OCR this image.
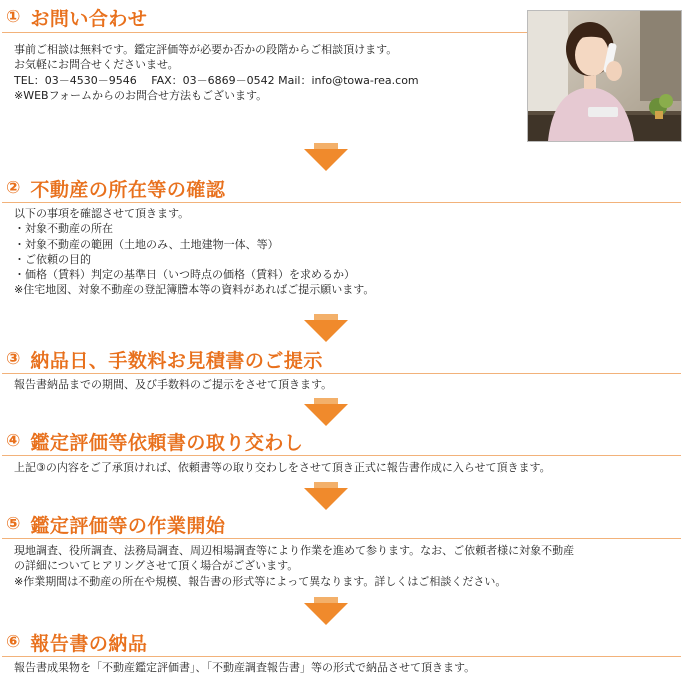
① お問い合わせ

事前ご相談は無料です。鑑定評価等が必要か否かの段階からご相談頂けます。

お気軽にお問合せくださいませ。

TEL：03－4530－9546　 FAX：03－6869－0542 Mail：info@towa-rea.com

※WEBフォームからのお問合せ方法もございます。

② 不動産の所在等の確認

以下の事項を確認させて頂きます。

・対象不動産の所在

・対象不動産の範囲（土地のみ、土地建物一体、等）

・ご依頼の目的

・価格（賃料）判定の基準日（いつ時点の価格（賃料）を求めるか）

※住宅地図、対象不動産の登記簿謄本等の資料があればご提示願います。

③ 納品日、手数料お見積書のご提示

報告書納品までの期間、及び手数料のご提示をさせて頂きます。

④ 鑑定評価等依頼書の取り交わし

上記③の内容をご了承頂ければ、依頼書等の取り交わしをさせて頂き正式に報告書作成に入らせて頂きます。

⑤ 鑑定評価等の作業開始

現地調査、役所調査、法務局調査、周辺相場調査等により作業を進めて参ります。なお、ご依頼者様に対象不動産

の詳細についてヒアリングさせて頂く場合がございます。

※作業期間は不動産の所在や規模、報告書の形式等によって異なります。詳しくはご相談ください。

⑥ 報告書の納品

報告書成果物を「不動産鑑定評価書」、「不動産調査報告書」等の形式で納品させて頂きます。
